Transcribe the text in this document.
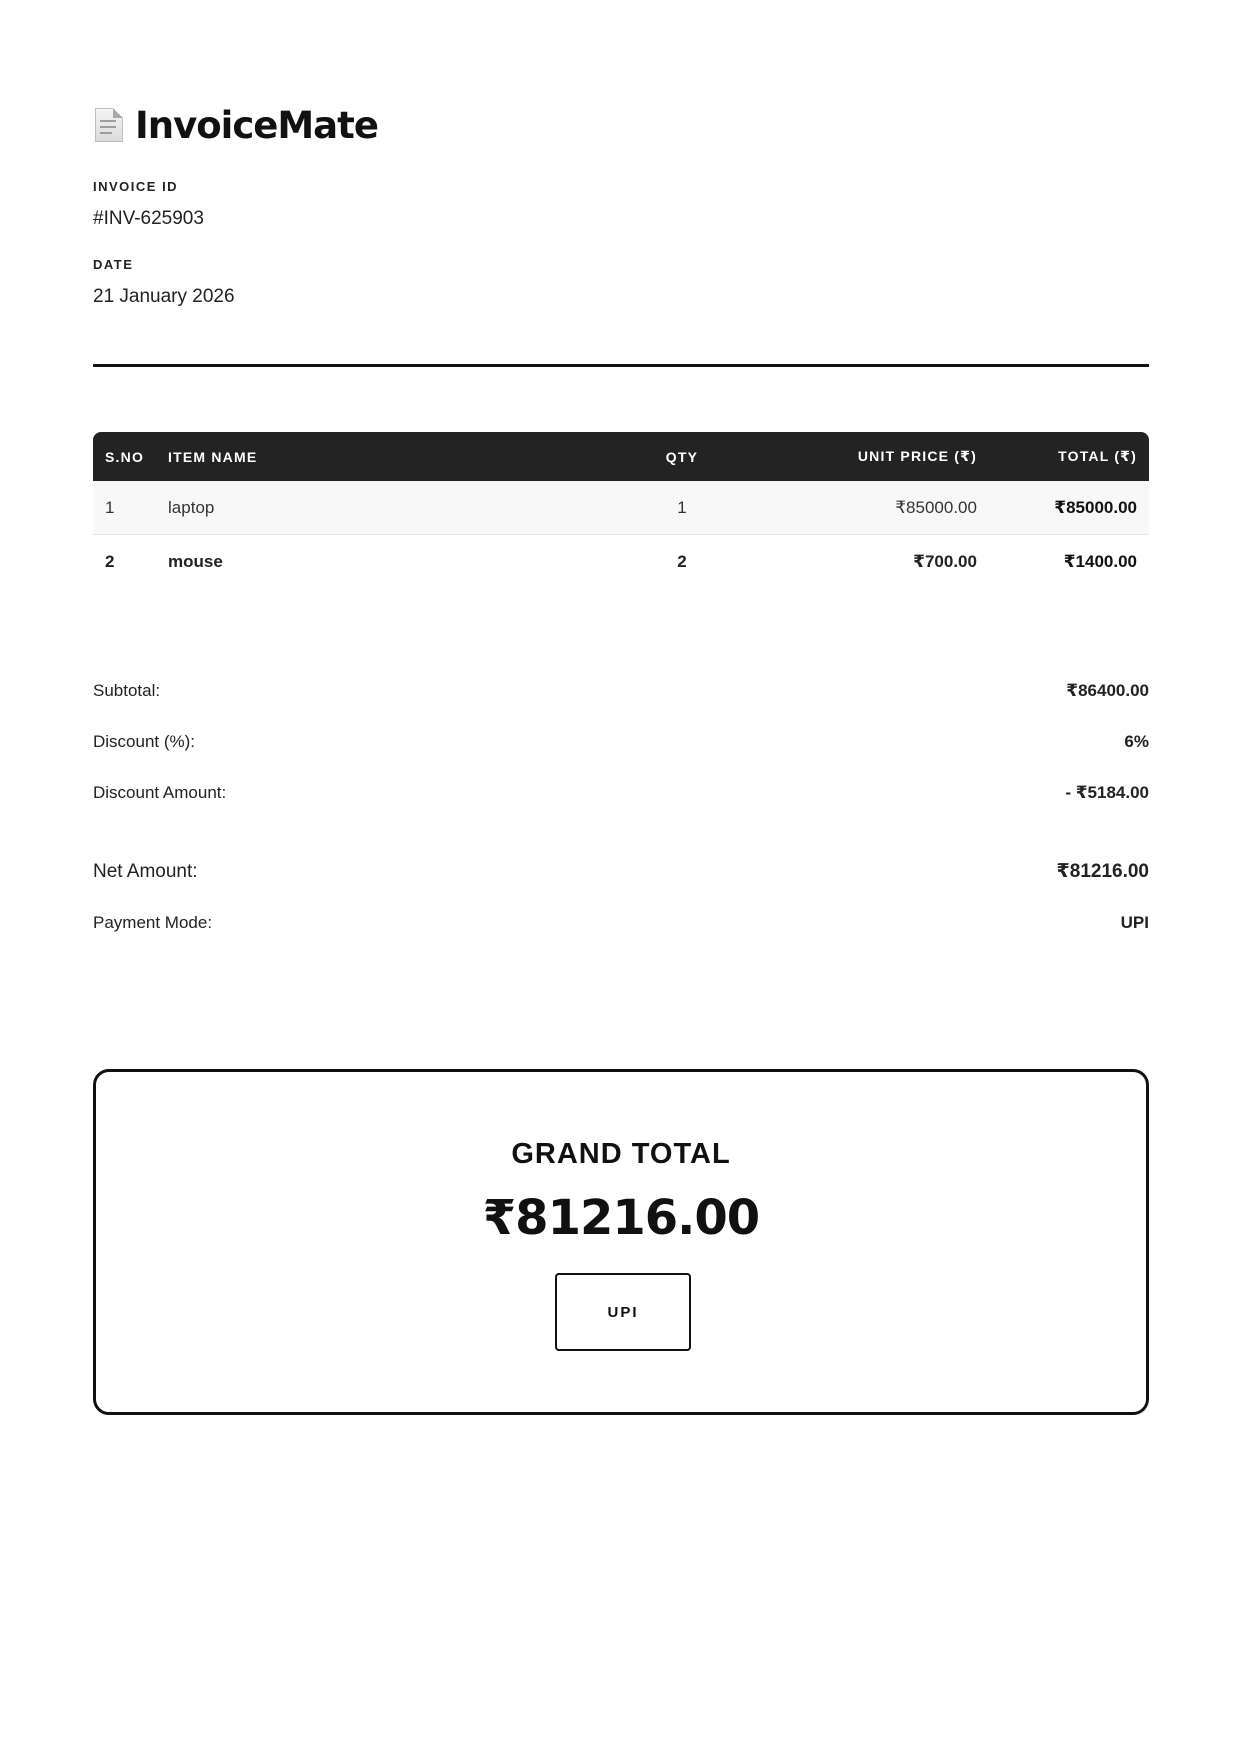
InvoiceMate
INVOICE ID
#INV-625903
DATE
21 January 2026
S.NO	ITEM NAME	QTY	UNIT PRICE (₹)	TOTAL (₹)
1	laptop	1	₹85000.00	₹85000.00
2	mouse	2	₹700.00	₹1400.00
Subtotal:	₹86400.00
Discount (%):	6%
Discount Amount:	- ₹5184.00
Net Amount:	₹81216.00
Payment Mode:	UPI
GRAND TOTAL
₹81216.00
UPI
